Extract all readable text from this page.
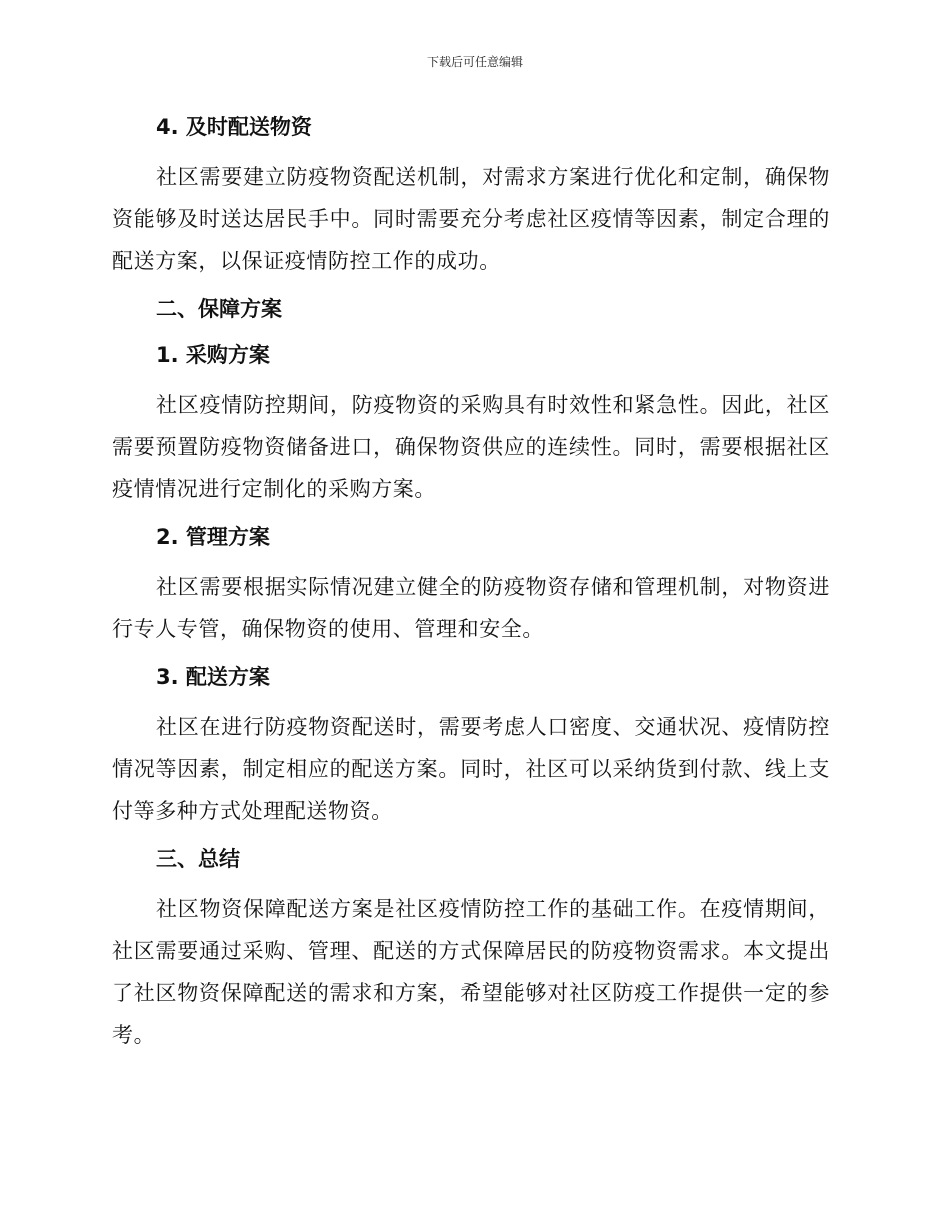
下载后可任意编辑
4. 及时配送物资

社区需要建立防疫物资配送机制，对需求方案进行优化和定制，确保物资能够及时送达居民手中。同时需要充分考虑社区疫情等因素，制定合理的配送方案，以保证疫情防控工作的成功。

二、保障方案
1. 采购方案

社区疫情防控期间，防疫物资的采购具有时效性和紧急性。因此，社区需要预置防疫物资储备进口，确保物资供应的连续性。同时，需要根据社区疫情情况进行定制化的采购方案。

2. 管理方案

社区需要根据实际情况建立健全的防疫物资存储和管理机制，对物资进行专人专管，确保物资的使用、管理和安全。

3. 配送方案

社区在进行防疫物资配送时，需要考虑人口密度、交通状况、疫情防控情况等因素，制定相应的配送方案。同时，社区可以采纳货到付款、线上支付等多种方式处理配送物资。

三、总结

社区物资保障配送方案是社区疫情防控工作的基础工作。在疫情期间，社区需要通过采购、管理、配送的方式保障居民的防疫物资需求。本文提出了社区物资保障配送的需求和方案，希望能够对社区防疫工作提供一定的参考。
